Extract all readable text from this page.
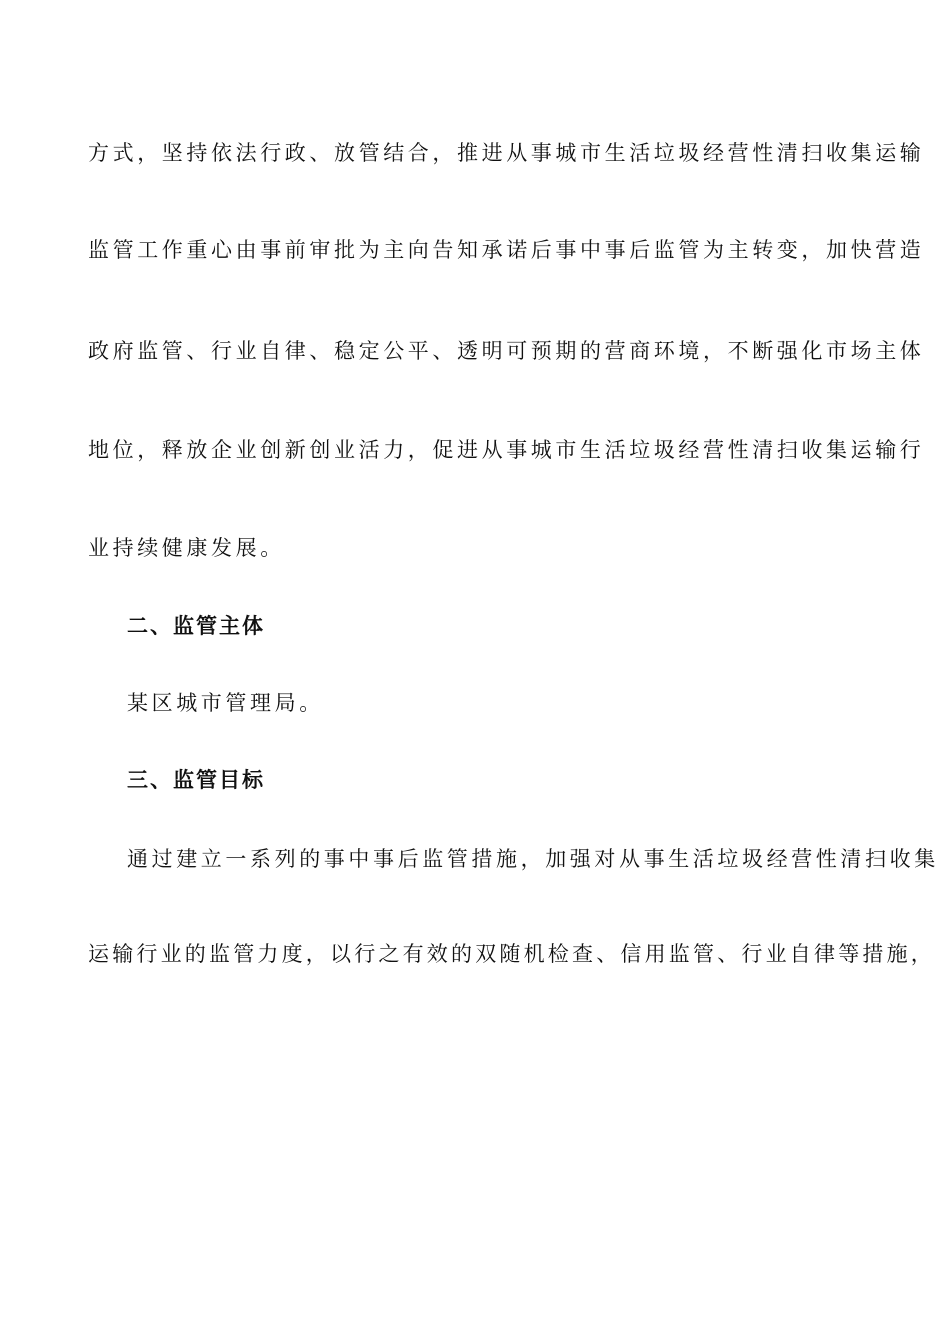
方式，坚持依法行政、放管结合，推进从事城市生活垃圾经营性清扫收集运输

监管工作重心由事前审批为主向告知承诺后事中事后监管为主转变，加快营造

政府监管、行业自律、稳定公平、透明可预期的营商环境，不断强化市场主体

地位，释放企业创新创业活力，促进从事城市生活垃圾经营性清扫收集运输行

业持续健康发展。

二、监管主体

某区城市管理局。

三、监管目标

通过建立一系列的事中事后监管措施，加强对从事生活垃圾经营性清扫收集

运输行业的监管力度，以行之有效的双随机检查、信用监管、行业自律等措施，
